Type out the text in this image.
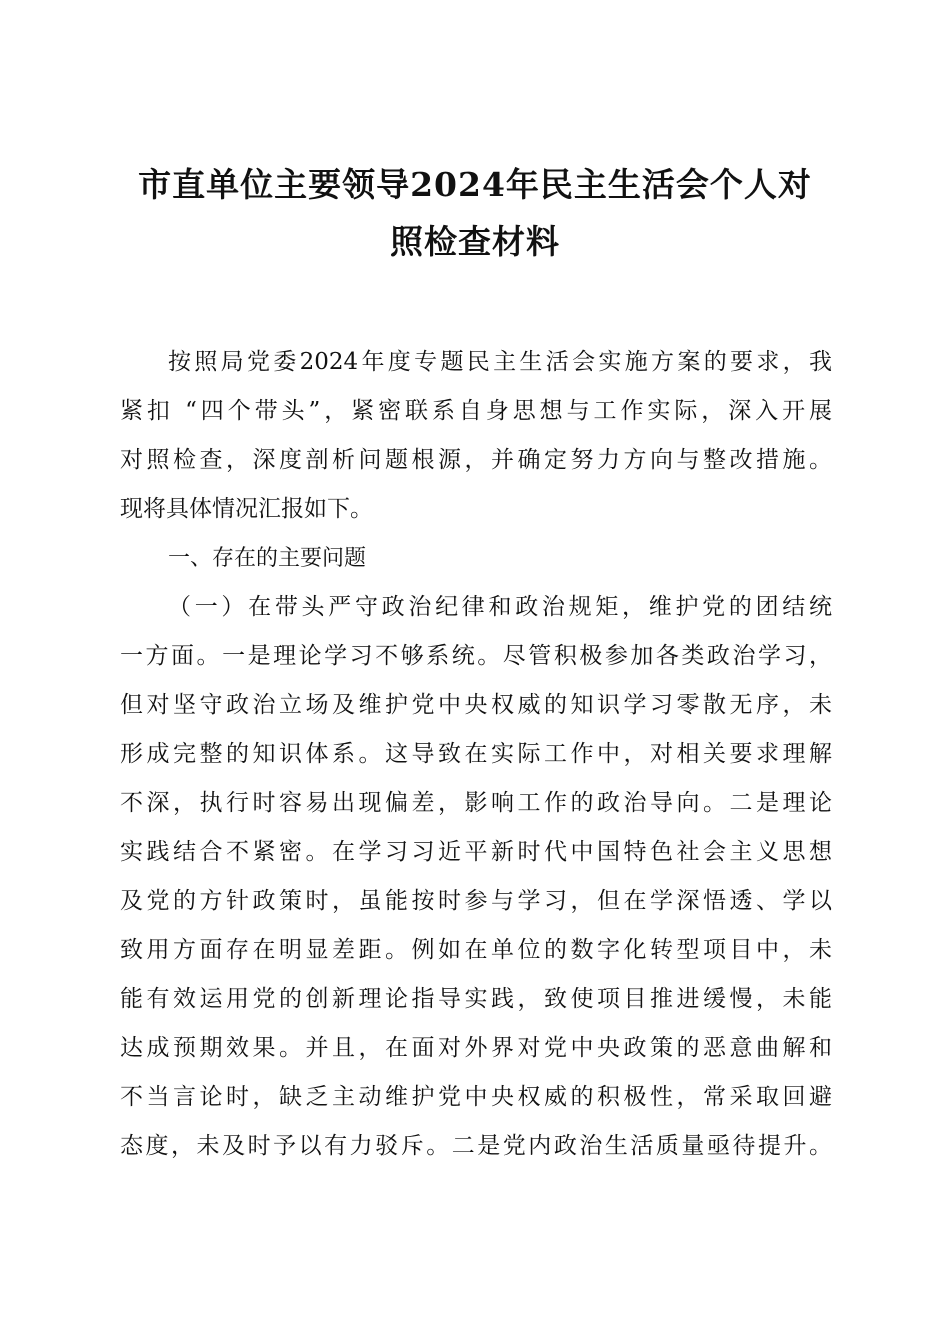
市直单位主要领导2024年民主生活会个人对
照检查材料

按照局党委2024年度专题民主生活会实施方案的要求，我
紧扣 “四个带头”，紧密联系自身思想与工作实际，深入开展
对照检查，深度剖析问题根源，并确定努力方向与整改措施。
现将具体情况汇报如下。

一、存在的主要问题

（一）在带头严守政治纪律和政治规矩，维护党的团结统
一方面。一是理论学习不够系统。尽管积极参加各类政治学习，
但对坚守政治立场及维护党中央权威的知识学习零散无序，未
形成完整的知识体系。这导致在实际工作中，对相关要求理解
不深，执行时容易出现偏差，影响工作的政治导向。二是理论
实践结合不紧密。在学习习近平新时代中国特色社会主义思想
及党的方针政策时，虽能按时参与学习，但在学深悟透、学以
致用方面存在明显差距。例如在单位的数字化转型项目中，未
能有效运用党的创新理论指导实践，致使项目推进缓慢，未能
达成预期效果。并且，在面对外界对党中央政策的恶意曲解和
不当言论时，缺乏主动维护党中央权威的积极性，常采取回避
态度，未及时予以有力驳斥。二是党内政治生活质量亟待提升。
